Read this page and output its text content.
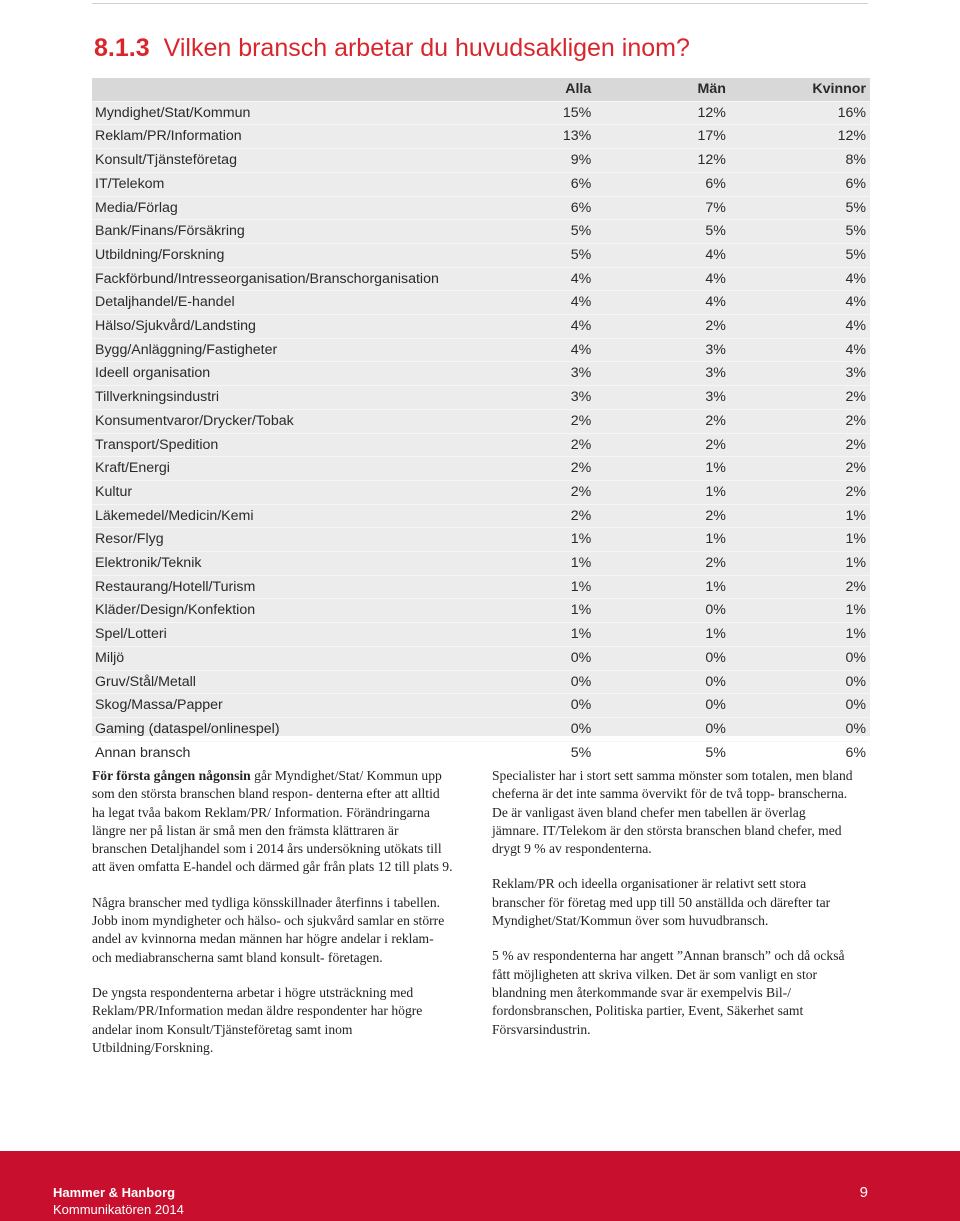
8.1.3 Vilken bransch arbetar du huvudsakligen inom?
	Alla	Män	Kvinnor
Myndighet/Stat/Kommun	15%	12%	16%
Reklam/PR/Information	13%	17%	12%
Konsult/Tjänsteföretag	9%	12%	8%
IT/Telekom	6%	6%	6%
Media/Förlag	6%	7%	5%
Bank/Finans/Försäkring	5%	5%	5%
Utbildning/Forskning	5%	4%	5%
Fackförbund/Intresseorganisation/Branschorganisation	4%	4%	4%
Detaljhandel/E-handel	4%	4%	4%
Hälso/Sjukvård/Landsting	4%	2%	4%
Bygg/Anläggning/Fastigheter	4%	3%	4%
Ideell organisation	3%	3%	3%
Tillverkningsindustri	3%	3%	2%
Konsumentvaror/Drycker/Tobak	2%	2%	2%
Transport/Spedition	2%	2%	2%
Kraft/Energi	2%	1%	2%
Kultur	2%	1%	2%
Läkemedel/Medicin/Kemi	2%	2%	1%
Resor/Flyg	1%	1%	1%
Elektronik/Teknik	1%	2%	1%
Restaurang/Hotell/Turism	1%	1%	2%
Kläder/Design/Konfektion	1%	0%	1%
Spel/Lotteri	1%	1%	1%
Miljö	0%	0%	0%
Gruv/Stål/Metall	0%	0%	0%
Skog/Massa/Papper	0%	0%	0%
Gaming (dataspel/onlinespel)	0%	0%	0%
Annan bransch	5%	5%	6%

För första gången någonsin går Myndighet/Stat/ Kommun upp som den största branschen bland respon- denterna efter att alltid ha legat tvåa bakom Reklam/PR/ Information. Förändringarna längre ner på listan är små men den främsta klättraren är branschen Detaljhandel som i 2014 års undersökning utökats till att även omfatta E-handel och därmed går från plats 12 till plats 9.

Några branscher med tydliga könsskillnader återfinns i tabellen. Jobb inom myndigheter och hälso- och sjukvård samlar en större andel av kvinnorna medan männen har högre andelar i reklam- och mediabranscherna samt bland konsult- företagen.

De yngsta respondenterna arbetar i högre utsträckning med Reklam/PR/Information medan äldre respondenter har högre andelar inom Konsult/Tjänsteföretag samt inom Utbildning/Forskning.

Specialister har i stort sett samma mönster som totalen, men bland cheferna är det inte samma övervikt för de två topp- branscherna. De är vanligast även bland chefer men tabellen är överlag jämnare. IT/Telekom är den största branschen bland chefer, med drygt 9 % av respondenterna.

Reklam/PR och ideella organisationer är relativt sett stora branscher för företag med upp till 50 anställda och därefter tar Myndighet/Stat/Kommun över som huvudbransch.

5 % av respondenterna har angett ”Annan bransch” och då också fått möjligheten att skriva vilken. Det är som vanligt en stor blandning men återkommande svar är exempelvis Bil-/ fordonsbranschen, Politiska partier, Event, Säkerhet samt Försvarsindustrin.

Hammer & Hanborg
Kommunikatören 2014
9
